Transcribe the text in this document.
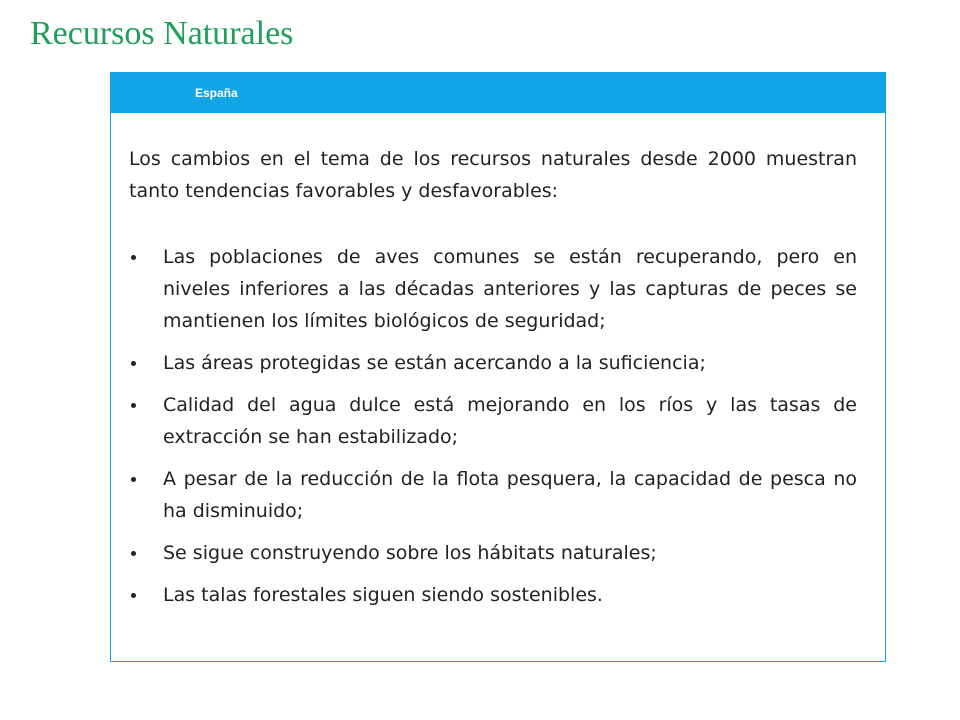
Recursos Naturales
España

Los cambios en el tema de los recursos naturales desde 2000 muestran tanto tendencias favorables y desfavorables:

Las poblaciones de aves comunes se están recuperando, pero en niveles inferiores a las décadas anteriores y las capturas de peces se mantienen los límites biológicos de seguridad;
Las áreas protegidas se están acercando a la suficiencia;
Calidad del agua dulce está mejorando en los ríos y las tasas de extracción se han estabilizado;
A pesar de la reducción de la flota pesquera, la capacidad de pesca no ha disminuido;
Se sigue construyendo sobre los hábitats naturales;
Las talas forestales siguen siendo sostenibles.
